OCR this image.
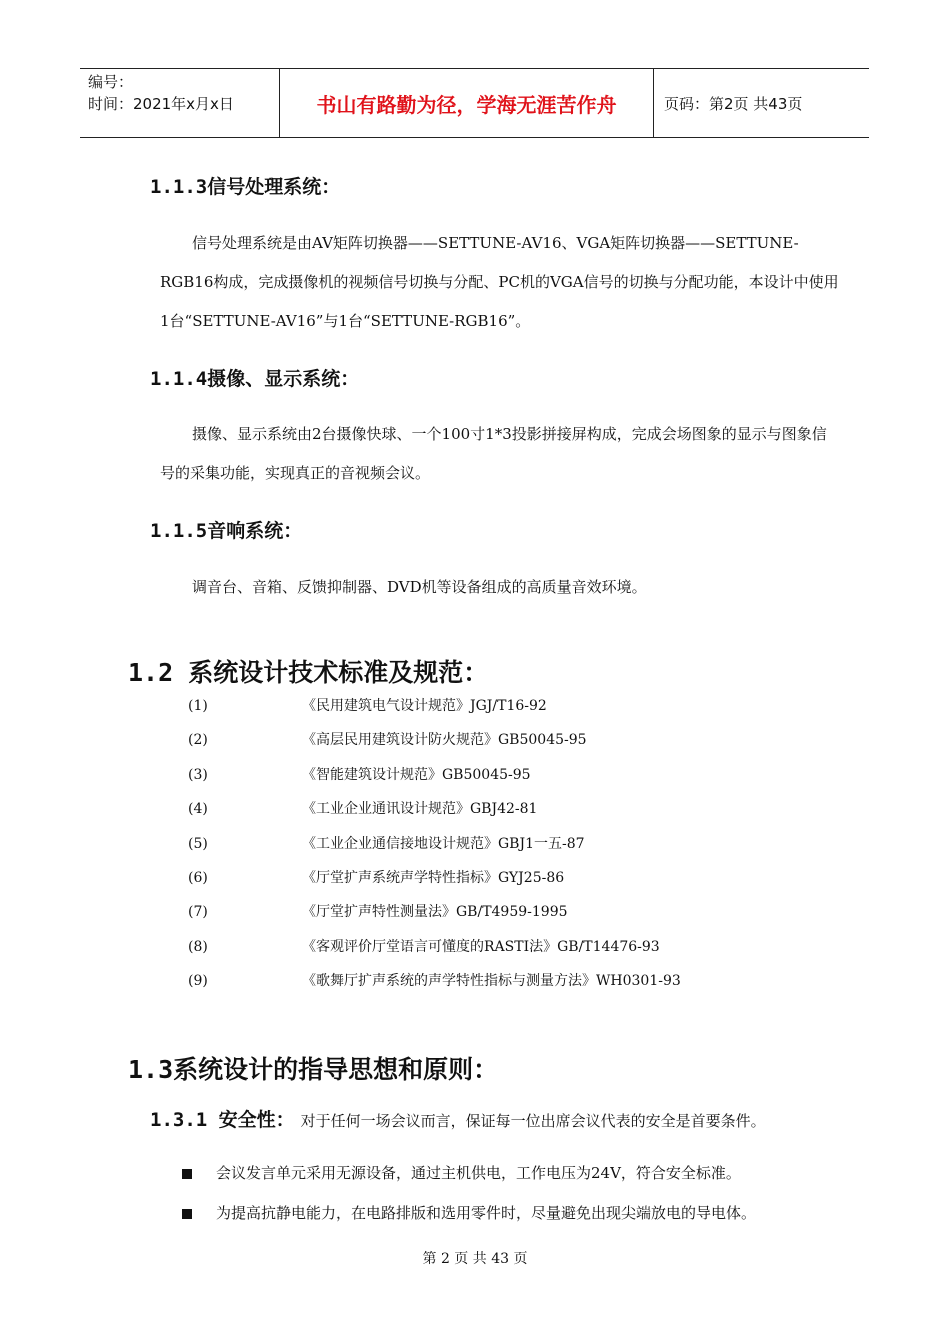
编号：
时间：2021年x月x日	书山有路勤为径，学海无涯苦作舟	页码：第2页 共43页
1.1.3信号处理系统：
信号处理系统是由AV矩阵切换器——SETTUNE-AV16、VGA矩阵切换器——SETTUNE-RGB16构成，完成摄像机的视频信号切换与分配、PC机的VGA信号的切换与分配功能，本设计中使用1台“SETTUNE-AV16”与1台“SETTUNE-RGB16”。
1.1.4摄像、显示系统：
摄像、显示系统由2台摄像快球、一个100寸1*3投影拼接屏构成，完成会场图象的显示与图象信号的采集功能，实现真正的音视频会议。
1.1.5音响系统：
调音台、音箱、反馈抑制器、DVD机等设备组成的高质量音效环境。
1.2 系统设计技术标准及规范：
(1)	《民用建筑电气设计规范》JGJ/T16-92
(2)	《高层民用建筑设计防火规范》GB50045-95
(3)	《智能建筑设计规范》GB50045-95
(4)	《工业企业通讯设计规范》GBJ42-81
(5)	《工业企业通信接地设计规范》GBJ1一五-87
(6)	《厅堂扩声系统声学特性指标》GYJ25-86
(7)	《厅堂扩声特性测量法》GB/T4959-1995
(8)	《客观评价厅堂语言可懂度的RASTI法》GB/T14476-93
(9)	《歌舞厅扩声系统的声学特性指标与测量方法》WH0301-93
1.3系统设计的指导思想和原则：
1.3.1 安全性： 对于任何一场会议而言，保证每一位出席会议代表的安全是首要条件。
会议发言单元采用无源设备，通过主机供电，工作电压为24V，符合安全标准。
为提高抗静电能力，在电路排版和选用零件时，尽量避免出现尖端放电的导电体。
第 2 页 共 43 页
